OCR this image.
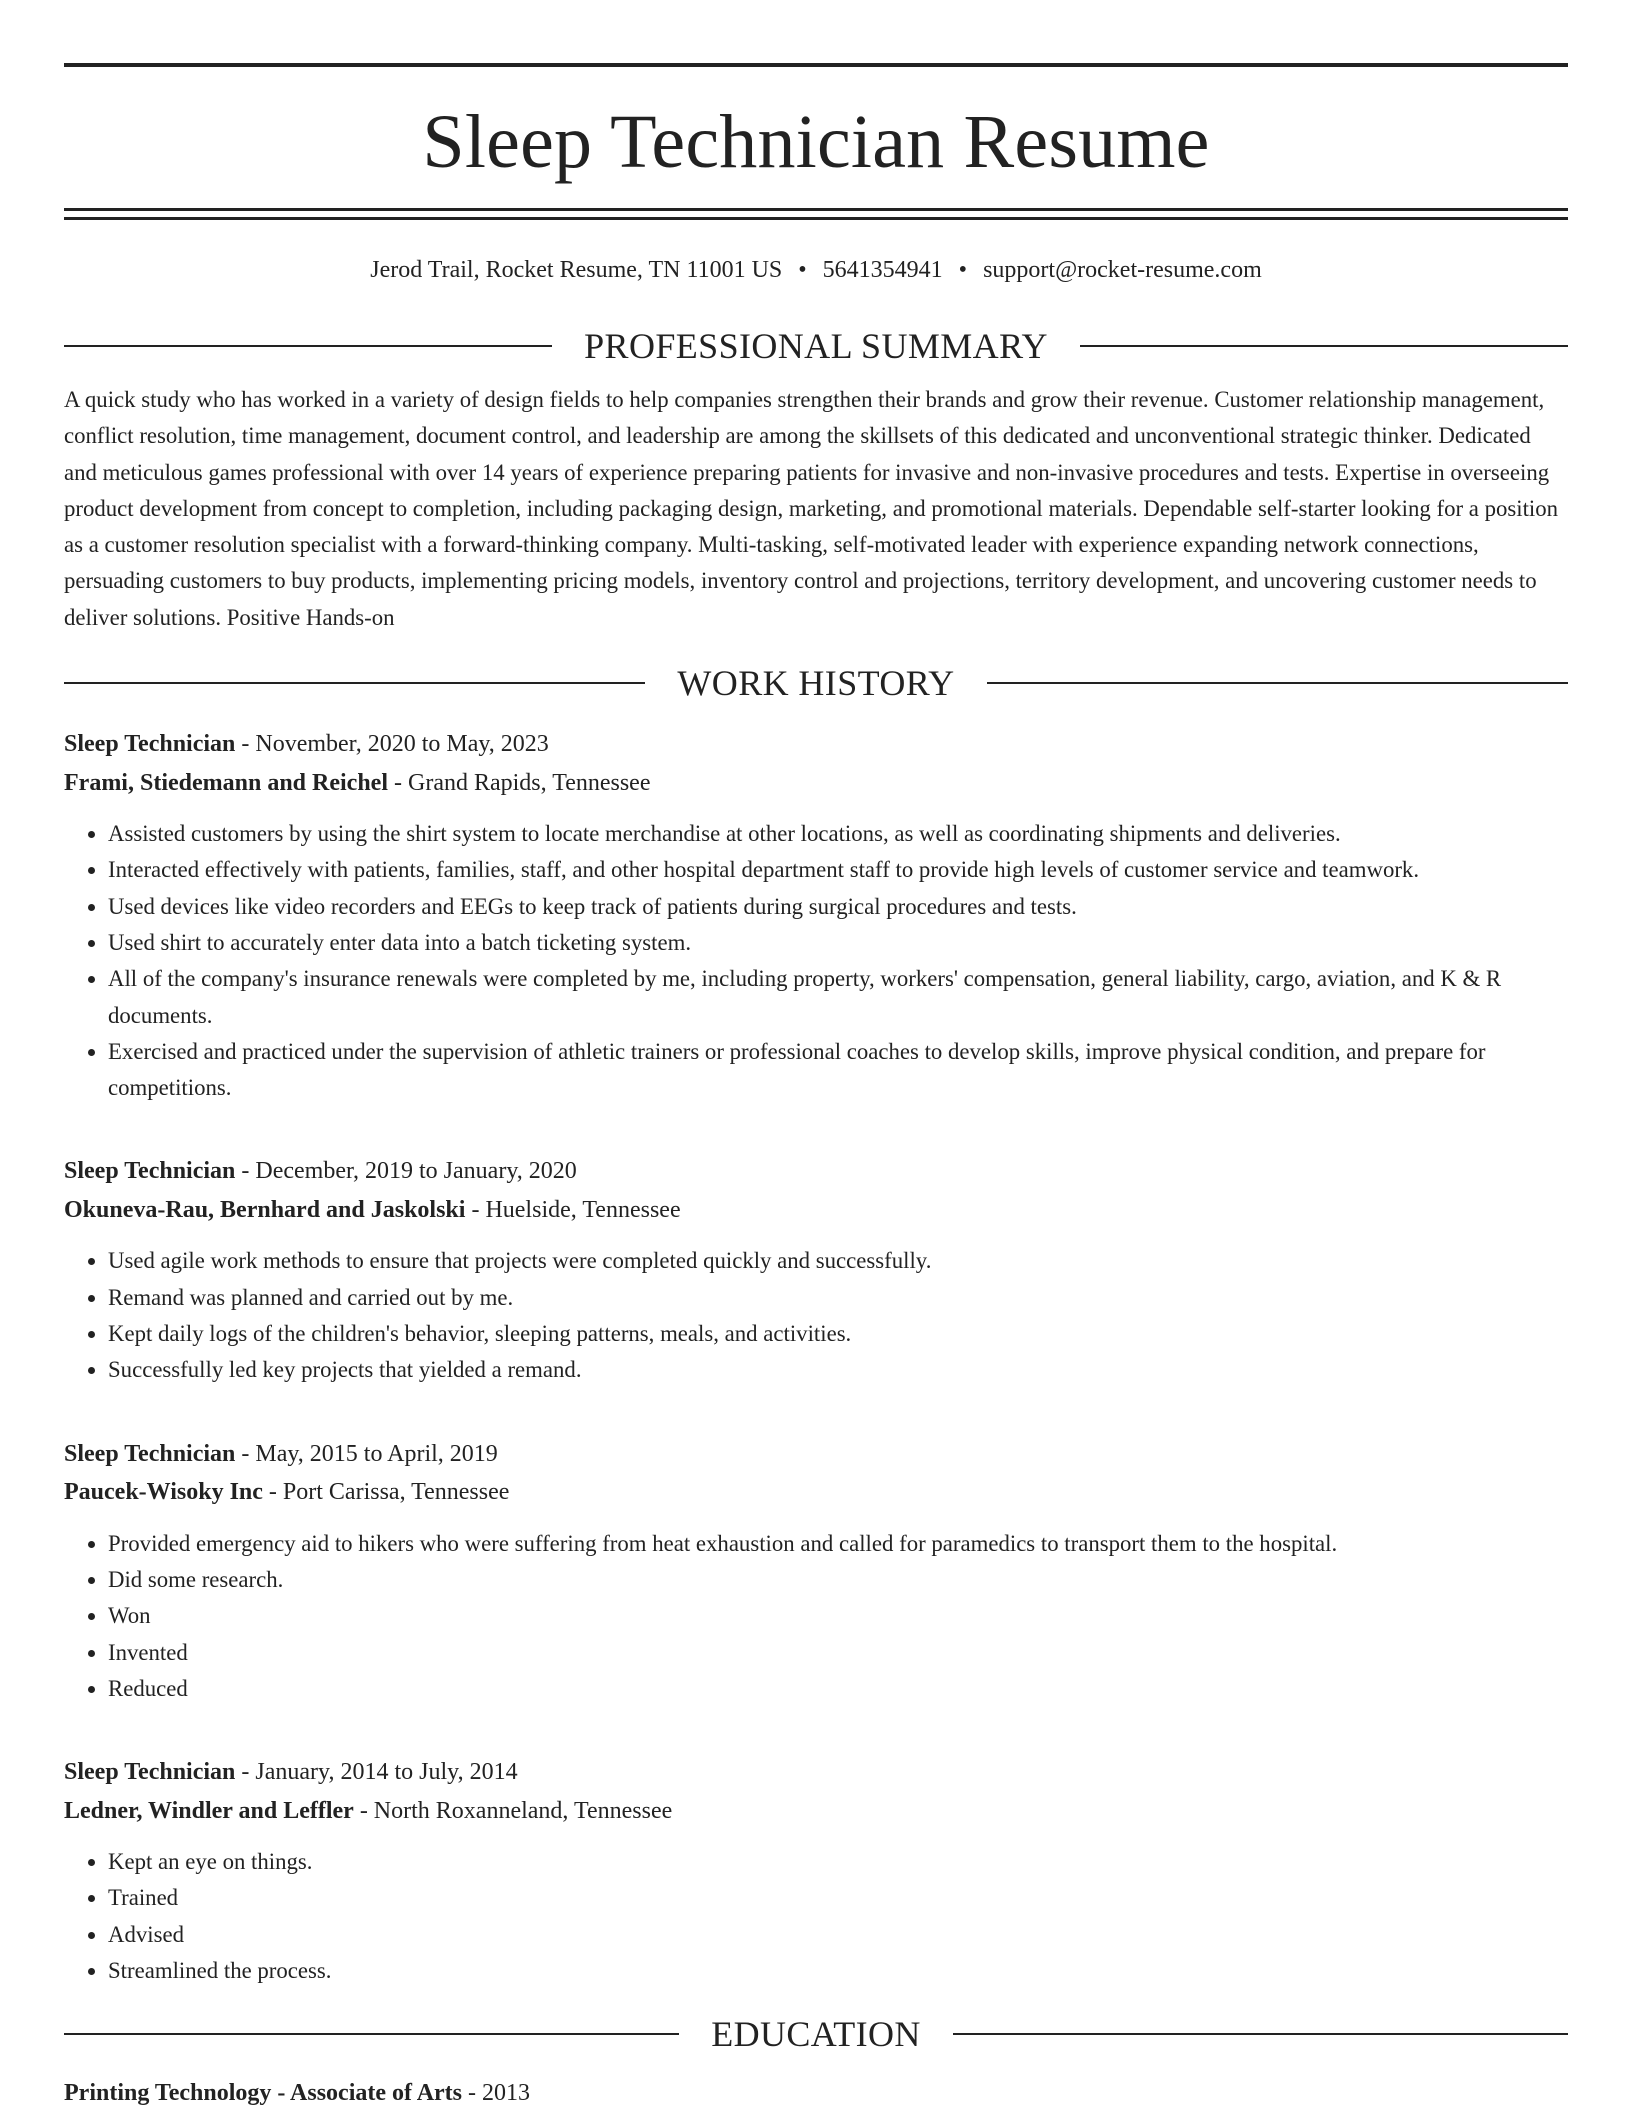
Sleep Technician Resume
Jerod Trail, Rocket Resume, TN 11001 US • 5641354941 • support@rocket-resume.com
PROFESSIONAL SUMMARY

A quick study who has worked in a variety of design fields to help companies strengthen their brands and grow their revenue. Customer relationship management, conflict resolution, time management, document control, and leadership are among the skillsets of this dedicated and unconventional strategic thinker. Dedicated and meticulous games professional with over 14 years of experience preparing patients for invasive and non-invasive procedures and tests. Expertise in overseeing product development from concept to completion, including packaging design, marketing, and promotional materials. Dependable self-starter looking for a position as a customer resolution specialist with a forward-thinking company. Multi-tasking, self-motivated leader with experience expanding network connections, persuading customers to buy products, implementing pricing models, inventory control and projections, territory development, and uncovering customer needs to deliver solutions. Positive Hands-on

WORK HISTORY
Sleep Technician - November, 2020 to May, 2023
Frami, Stiedemann and Reichel - Grand Rapids, Tennessee
• Assisted customers by using the shirt system to locate merchandise at other locations, as well as coordinating shipments and deliveries.
• Interacted effectively with patients, families, staff, and other hospital department staff to provide high levels of customer service and teamwork.
• Used devices like video recorders and EEGs to keep track of patients during surgical procedures and tests.
• Used shirt to accurately enter data into a batch ticketing system.
• All of the company's insurance renewals were completed by me, including property, workers' compensation, general liability, cargo, aviation, and K & R documents.
• Exercised and practiced under the supervision of athletic trainers or professional coaches to develop skills, improve physical condition, and prepare for competitions.
Sleep Technician - December, 2019 to January, 2020
Okuneva-Rau, Bernhard and Jaskolski - Huelside, Tennessee
• Used agile work methods to ensure that projects were completed quickly and successfully.
• Remand was planned and carried out by me.
• Kept daily logs of the children's behavior, sleeping patterns, meals, and activities.
• Successfully led key projects that yielded a remand.
Sleep Technician - May, 2015 to April, 2019
Paucek-Wisoky Inc - Port Carissa, Tennessee
• Provided emergency aid to hikers who were suffering from heat exhaustion and called for paramedics to transport them to the hospital.
• Did some research.
• Won
• Invented
• Reduced
Sleep Technician - January, 2014 to July, 2014
Ledner, Windler and Leffler - North Roxanneland, Tennessee
• Kept an eye on things.
• Trained
• Advised
• Streamlined the process.
EDUCATION
Printing Technology - Associate of Arts - 2013
